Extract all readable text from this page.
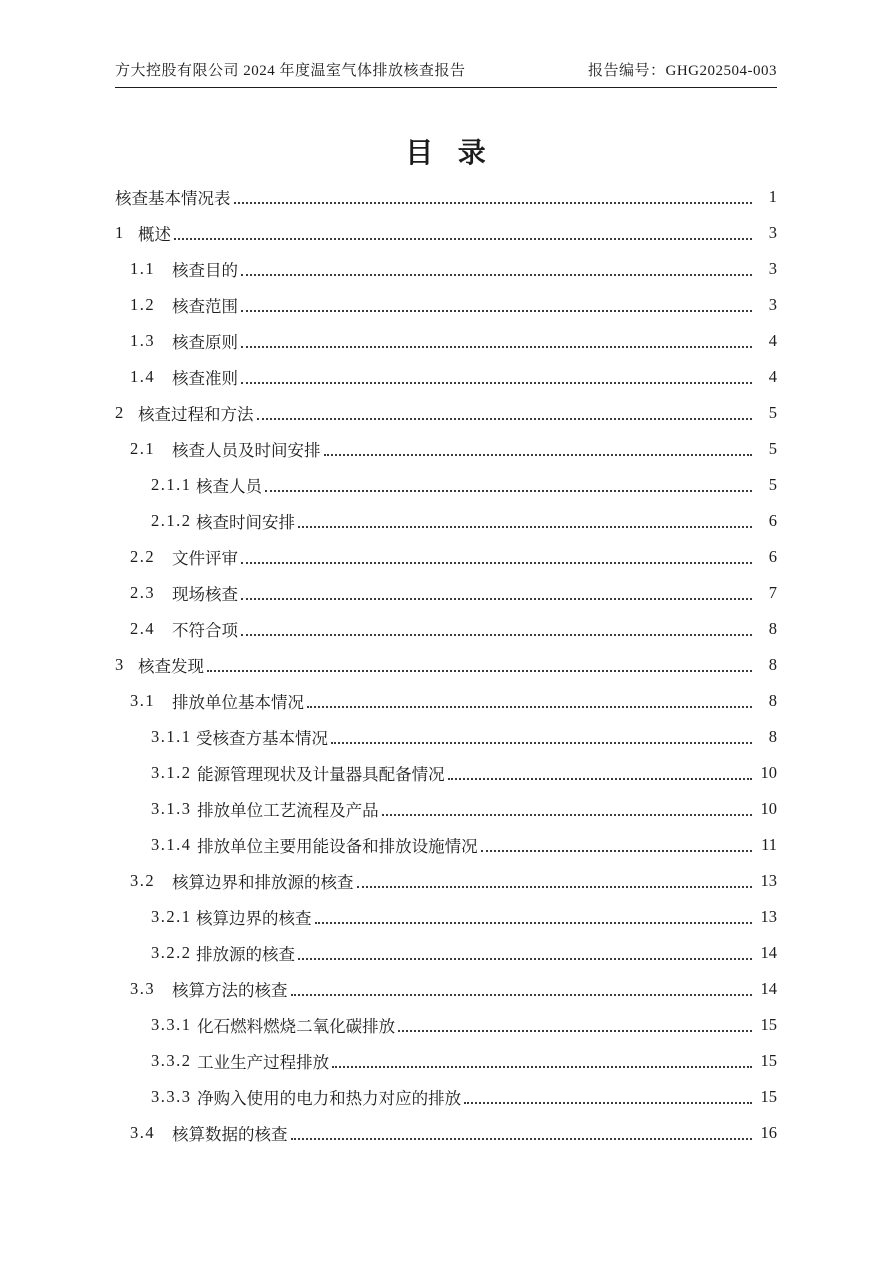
方大控股有限公司 2024 年度温室气体排放核查报告	报告编号：GHG202504-003
目 录
核查基本情况表	1
1 概述	3
1.1	核查目的	3
1.2	核查范围	3
1.3	核查原则	4
1.4	核查准则	4
2 核查过程和方法	5
2.1	核查人员及时间安排	5
2.1.1 核查人员	5
2.1.2 核查时间安排	6
2.2	文件评审	6
2.3	现场核查	7
2.4	不符合项	8
3 核查发现	8
3.1	排放单位基本情况	8
3.1.1 受核查方基本情况	8
3.1.2 能源管理现状及计量器具配备情况	10
3.1.3 排放单位工艺流程及产品	10
3.1.4 排放单位主要用能设备和排放设施情况	11
3.2	核算边界和排放源的核查	13
3.2.1 核算边界的核查	13
3.2.2 排放源的核查	14
3.3	核算方法的核查	14
3.3.1 化石燃料燃烧二氧化碳排放	15
3.3.2 工业生产过程排放	15
3.3.3 净购入使用的电力和热力对应的排放	15
3.4	核算数据的核查	16
